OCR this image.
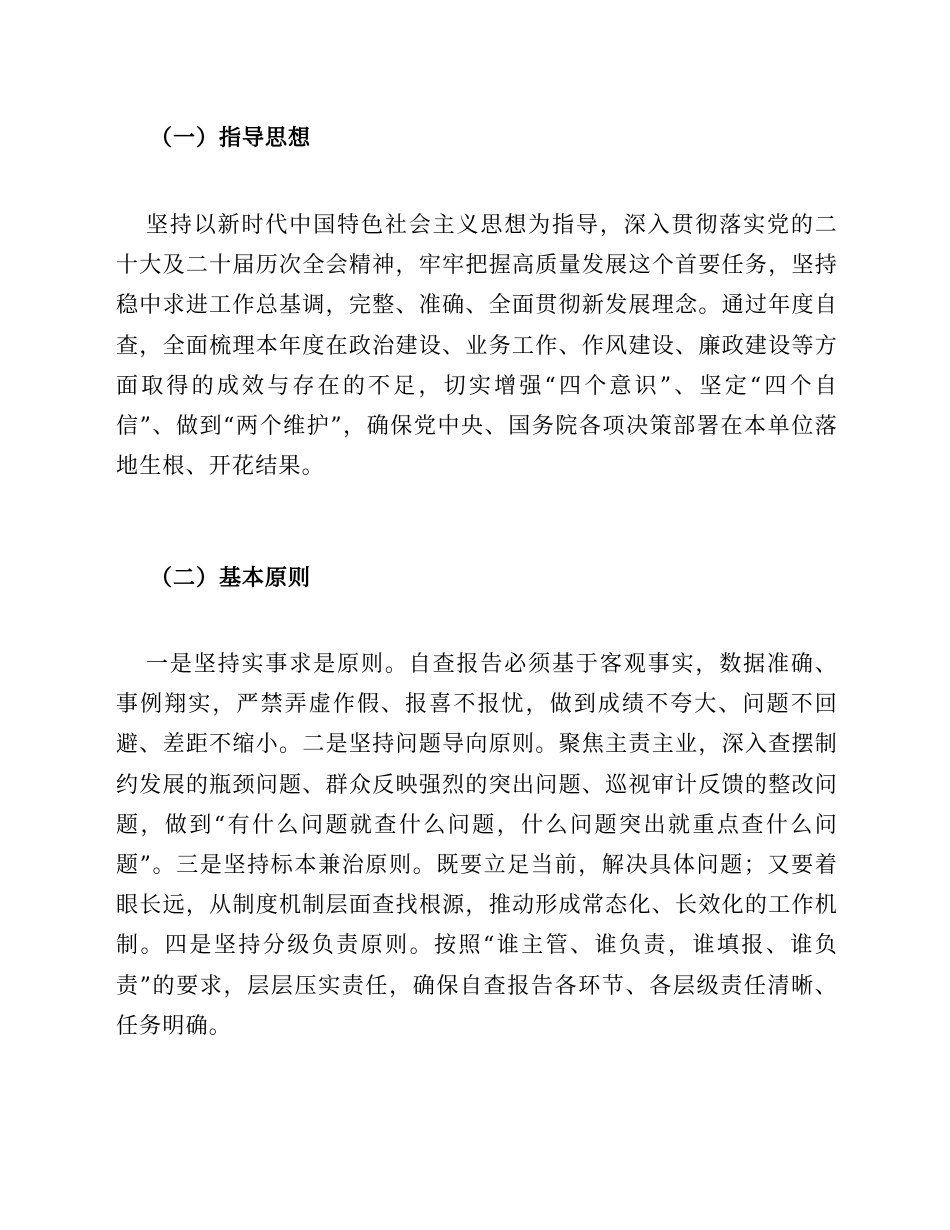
（一）指导思想

坚持以新时代中国特色社会主义思想为指导，深入贯彻落实党的二十大及二十届历次全会精神，牢牢把握高质量发展这个首要任务，坚持稳中求进工作总基调，完整、准确、全面贯彻新发展理念。通过年度自查，全面梳理本年度在政治建设、业务工作、作风建设、廉政建设等方面取得的成效与存在的不足，切实增强“四个意识”、坚定“四个自信”、做到“两个维护”，确保党中央、国务院各项决策部署在本单位落地生根、开花结果。

（二）基本原则

一是坚持实事求是原则。自查报告必须基于客观事实，数据准确、事例翔实，严禁弄虚作假、报喜不报忧，做到成绩不夸大、问题不回避、差距不缩小。二是坚持问题导向原则。聚焦主责主业，深入查摆制约发展的瓶颈问题、群众反映强烈的突出问题、巡视审计反馈的整改问题，做到“有什么问题就查什么问题，什么问题突出就重点查什么问题”。三是坚持标本兼治原则。既要立足当前，解决具体问题；又要着眼长远，从制度机制层面查找根源，推动形成常态化、长效化的工作机制。四是坚持分级负责原则。按照“谁主管、谁负责，谁填报、谁负责”的要求，层层压实责任，确保自查报告各环节、各层级责任清晰、任务明确。
